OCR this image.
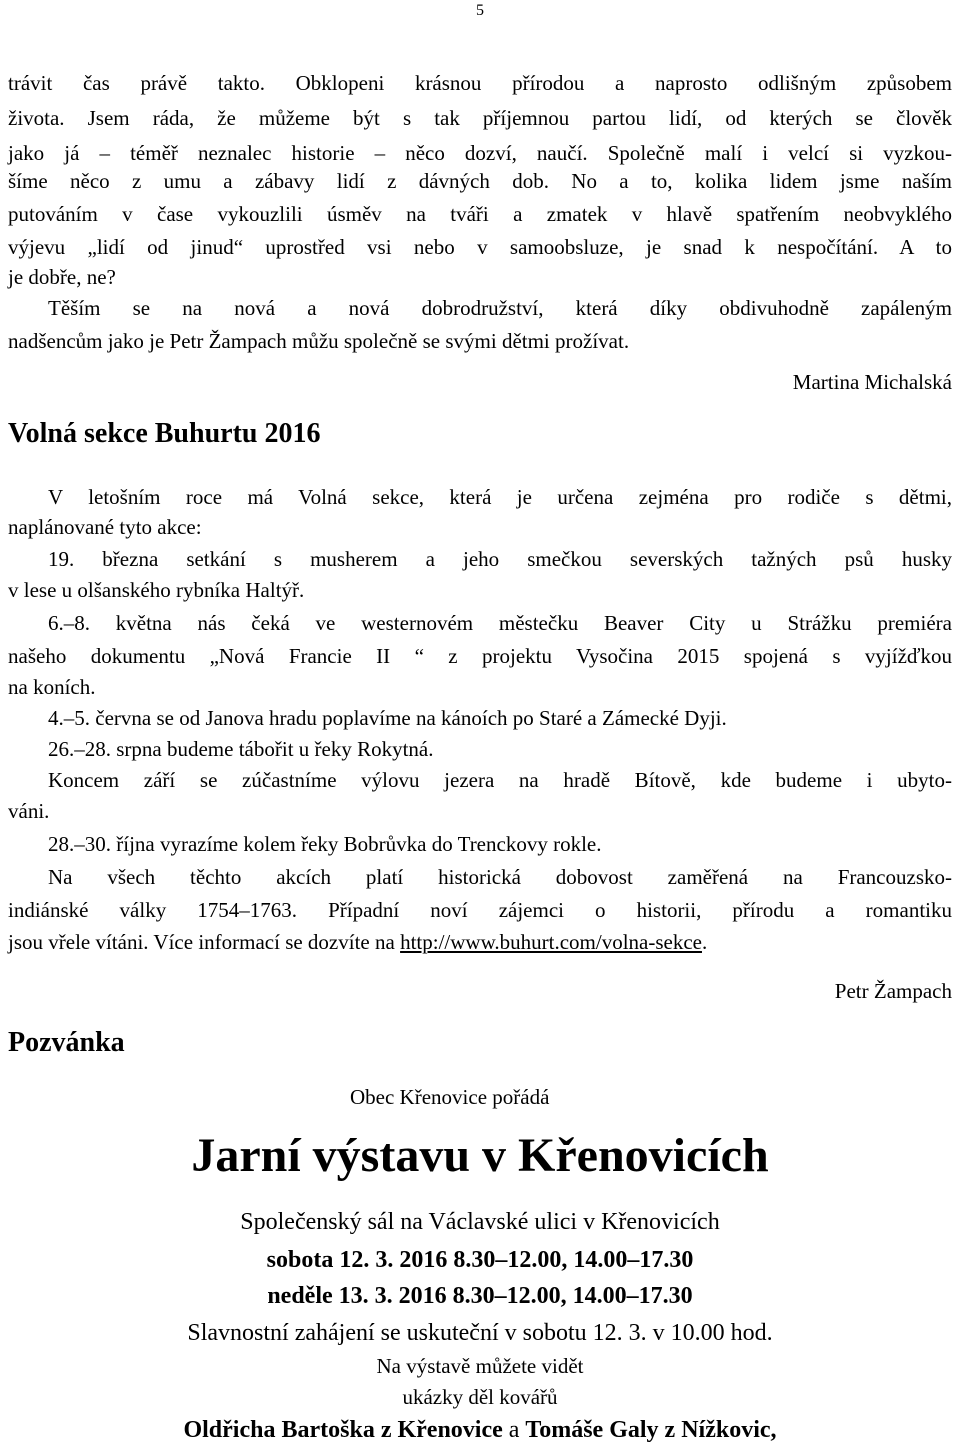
5
trávit čas právě takto. Obklopeni krásnou přírodou a naprosto odlišným způsobem
života. Jsem ráda, že můžeme být s tak příjemnou partou lidí, od kterých se člověk
jako já – téměř neznalec historie – něco dozví, naučí. Společně malí i velcí si vyzkou-
šíme něco z umu a zábavy lidí z dávných dob. No a to, kolika lidem jsme naším
putováním v čase vykouzlili úsměv na tváři a zmatek v hlavě spatřením neobvyklého
výjevu „lidí od jinud“ uprostřed vsi nebo v samoobsluze, je snad k nespočítání. A to
je dobře, ne?
Těším se na nová a nová dobrodružství, která díky obdivuhodně zapáleným
nadšencům jako je Petr Žampach můžu společně se svými dětmi prožívat.
Martina Michalská
Volná sekce Buhurtu 2016
V letošním roce má Volná sekce, která je určena zejména pro rodiče s dětmi,
naplánované tyto akce:
19. března setkání s musherem a jeho smečkou severských tažných psů husky
v lese u olšanského rybníka Haltýř.
6.–8. května nás čeká ve westernovém městečku Beaver City u Strážku premiéra
našeho dokumentu „Nová Francie II “ z projektu Vysočina 2015 spojená s vyjížďkou
na koních.
4.–5. června se od Janova hradu poplavíme na kánoích po Staré a Zámecké Dyji.
26.–28. srpna budeme tábořit u řeky Rokytná.
Koncem září se zúčastníme výlovu jezera na hradě Bítově, kde budeme i ubyto-
váni.
28.–30. října vyrazíme kolem řeky Bobrůvka do Trenckovy rokle.
Na všech těchto akcích platí historická dobovost zaměřená na Francouzsko-
indiánské války 1754–1763. Případní noví zájemci o historii, přírodu a romantiku
jsou vřele vítáni. Více informací se dozvíte na http://www.buhurt.com/volna-sekce.
Petr Žampach
Pozvánka
Obec Křenovice pořádá
Jarní výstavu v Křenovicích
Společenský sál na Václavské ulici v Křenovicích
sobota 12. 3. 2016 8.30–12.00, 14.00–17.30
neděle 13. 3. 2016 8.30–12.00, 14.00–17.30
Slavnostní zahájení se uskuteční v sobotu 12. 3. v 10.00 hod.
Na výstavě můžete vidět
ukázky děl kovářů
Oldřicha Bartoška z Křenovice a Tomáše Galy z Nížkovic,
